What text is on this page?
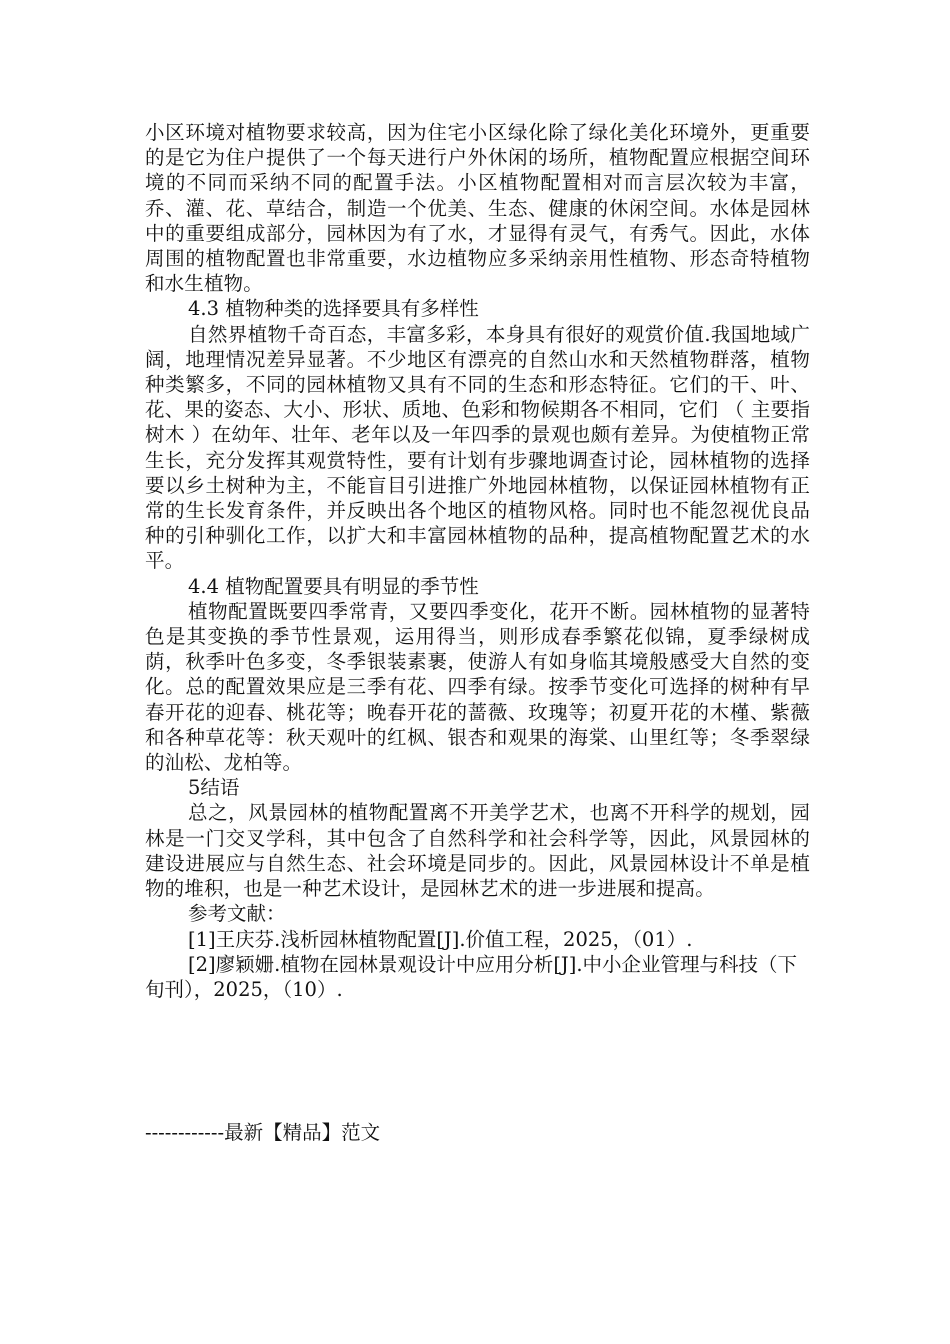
小区环境对植物要求较高，因为住宅小区绿化除了绿化美化环境外，更重要的是它为住户提供了一个每天进行户外休闲的场所，植物配置应根据空间环境的不同而采纳不同的配置手法。小区植物配置相对而言层次较为丰富，乔、灌、花、草结合，制造一个优美、生态、健康的休闲空间。水体是园林中的重要组成部分，园林因为有了水，才显得有灵气，有秀气。因此，水体周围的植物配置也非常重要，水边植物应多采纳亲用性植物、形态奇特植物和水生植物。

4.3 植物种类的选择要具有多样性

自然界植物千奇百态，丰富多彩，本身具有很好的观赏价值.我国地域广阔，地理情况差异显著。不少地区有漂亮的自然山水和天然植物群落，植物种类繁多，不同的园林植物又具有不同的生态和形态特征。它们的干、叶、花、果的姿态、大小、形状、质地、色彩和物候期各不相同，它们 （ 主要指树木 ）在幼年、壮年、老年以及一年四季的景观也颇有差异。为使植物正常生长，充分发挥其观赏特性，要有计划有步骤地调查讨论，园林植物的选择要以乡土树种为主，不能盲目引进推广外地园林植物，以保证园林植物有正常的生长发育条件，并反映出各个地区的植物风格。同时也不能忽视优良品种的引种驯化工作，以扩大和丰富园林植物的品种，提高植物配置艺术的水平。

4.4 植物配置要具有明显的季节性

植物配置既要四季常青，又要四季变化，花开不断。园林植物的显著特色是其变换的季节性景观，运用得当，则形成春季繁花似锦，夏季绿树成荫，秋季叶色多变，冬季银装素裹，使游人有如身临其境般感受大自然的变化。总的配置效果应是三季有花、四季有绿。按季节变化可选择的树种有早春开花的迎春、桃花等；晚春开花的蔷薇、玫瑰等；初夏开花的木槿、紫薇和各种草花等：秋天观叶的红枫、银杏和观果的海棠、山里红等；冬季翠绿的汕松、龙柏等。

5结语

总之，风景园林的植物配置离不开美学艺术，也离不开科学的规划，园林是一门交叉学科，其中包含了自然科学和社会科学等，因此，风景园林的建设进展应与自然生态、社会环境是同步的。因此，风景园林设计不单是植物的堆积，也是一种艺术设计，是园林艺术的进一步进展和提高。

参考文献：

[1]王庆芬.浅析园林植物配置[J].价值工程，2025，（01）.

[2]廖颖姗.植物在园林景观设计中应用分析[J].中小企业管理与科技（下旬刊），2025，（10）.

------------最新【精品】范文
